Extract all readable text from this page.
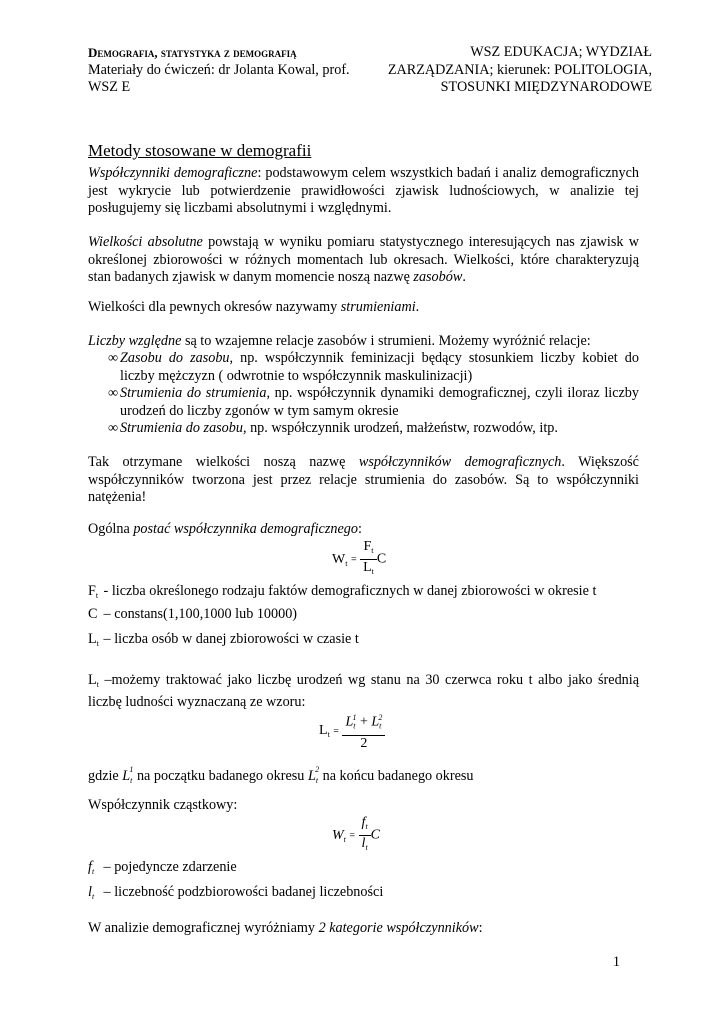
Demografia, statystyka z demografią
Materiały do ćwiczeń: dr Jolanta Kowal, prof.
WSZ E
WSZ EDUKACJA; WYDZIAŁ
ZARZĄDZANIA; kierunek: POLITOLOGIA,
STOSUNKI MIĘDZYNARODOWE
Metody stosowane w demografii
Współczynniki demograficzne: podstawowym celem wszystkich badań i analiz demograficznych jest wykrycie lub potwierdzenie prawidłowości zjawisk ludnościowych, w analizie tej posługujemy się liczbami absolutnymi i względnymi.
Wielkości absolutne powstają w wyniku pomiaru statystycznego interesujących nas zjawisk w określonej zbiorowości w różnych momentach lub okresach. Wielkości, które charakteryzują stan badanych zjawisk w danym momencie noszą nazwę zasobów.
Wielkości dla pewnych okresów nazywamy strumieniami.
Liczby względne są to wzajemne relacje zasobów i strumieni. Możemy wyróżnić relacje:
∞ Zasobu do zasobu, np. współczynnik feminizacji będący stosunkiem liczby kobiet do liczby mężczyzn ( odwrotnie to współczynnik maskulinizacji)
∞ Strumienia do strumienia, np. współczynnik dynamiki demograficznej, czyli iloraz liczby urodzeń do liczby zgonów w tym samym okresie
∞ Strumienia do zasobu, np. współczynnik urodzeń, małżeństw, rozwodów, itp.
Tak otrzymane wielkości noszą nazwę współczynników demograficznych. Większość współczynników tworzona jest przez relacje strumienia do zasobów. Są to współczynniki natężenia!
Ogólna postać współczynnika demograficznego:
$W_t = \frac{F_t}{L_t}$ C
$F_t$ - liczba określonego rodzaju faktów demograficznych w danej zbiorowości w okresie t
C – constans(1,100,1000 lub 10000)
$L_t$ – liczba osób w danej zbiorowości w czasie t
$L_t$ –możemy traktować jako liczbę urodzeń wg stanu na 30 czerwca roku t albo jako średnią liczbę ludności wyznaczaną ze wzoru:
$L_t = \frac{L_t^1 + L_t^2}{2}$
gdzie $L_t^1$ na początku badanego okresu $L_t^2$ na końcu badanego okresu
Współczynnik cząstkowy:
$W_t = \frac{f_t}{l_t}$ C
$f_t$ – pojedyncze zdarzenie
$l_t$ – liczebność podzbiorowości badanej liczebności
W analizie demograficznej wyróżniamy 2 kategorie współczynników:
1
